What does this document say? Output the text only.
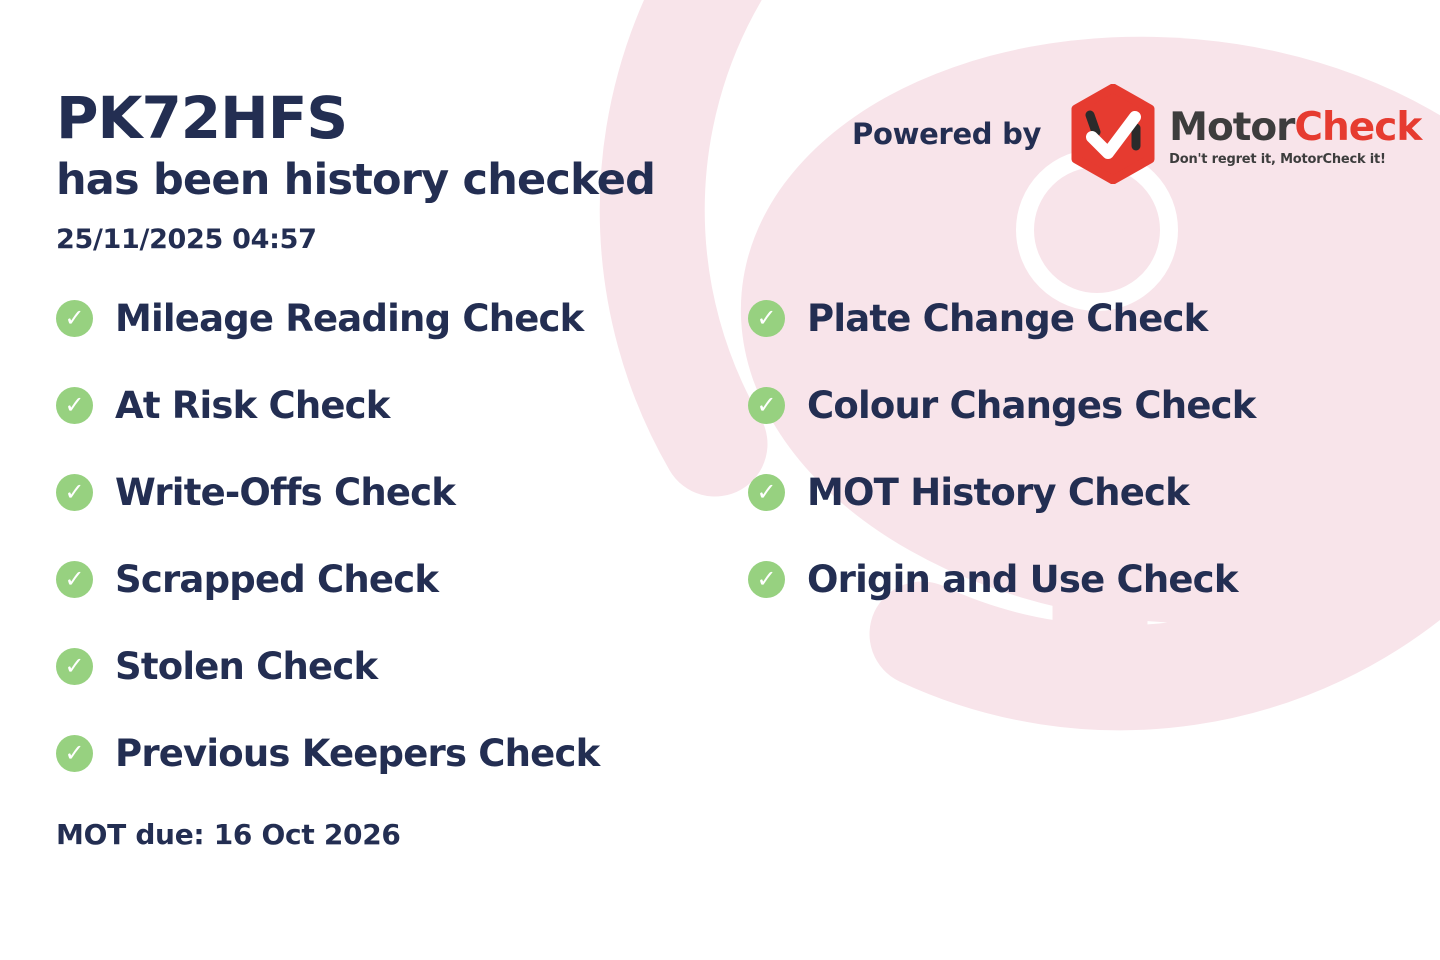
PK72HFS
has been history checked
25/11/2025 04:57
Powered by	MotorCheck
Don't regret it, MotorCheck it!
✓ Mileage Reading Check
✓ At Risk Check
✓ Write-Offs Check
✓ Scrapped Check
✓ Stolen Check
✓ Previous Keepers Check
✓ Plate Change Check
✓ Colour Changes Check
✓ MOT History Check
✓ Origin and Use Check
MOT due: 16 Oct 2026
